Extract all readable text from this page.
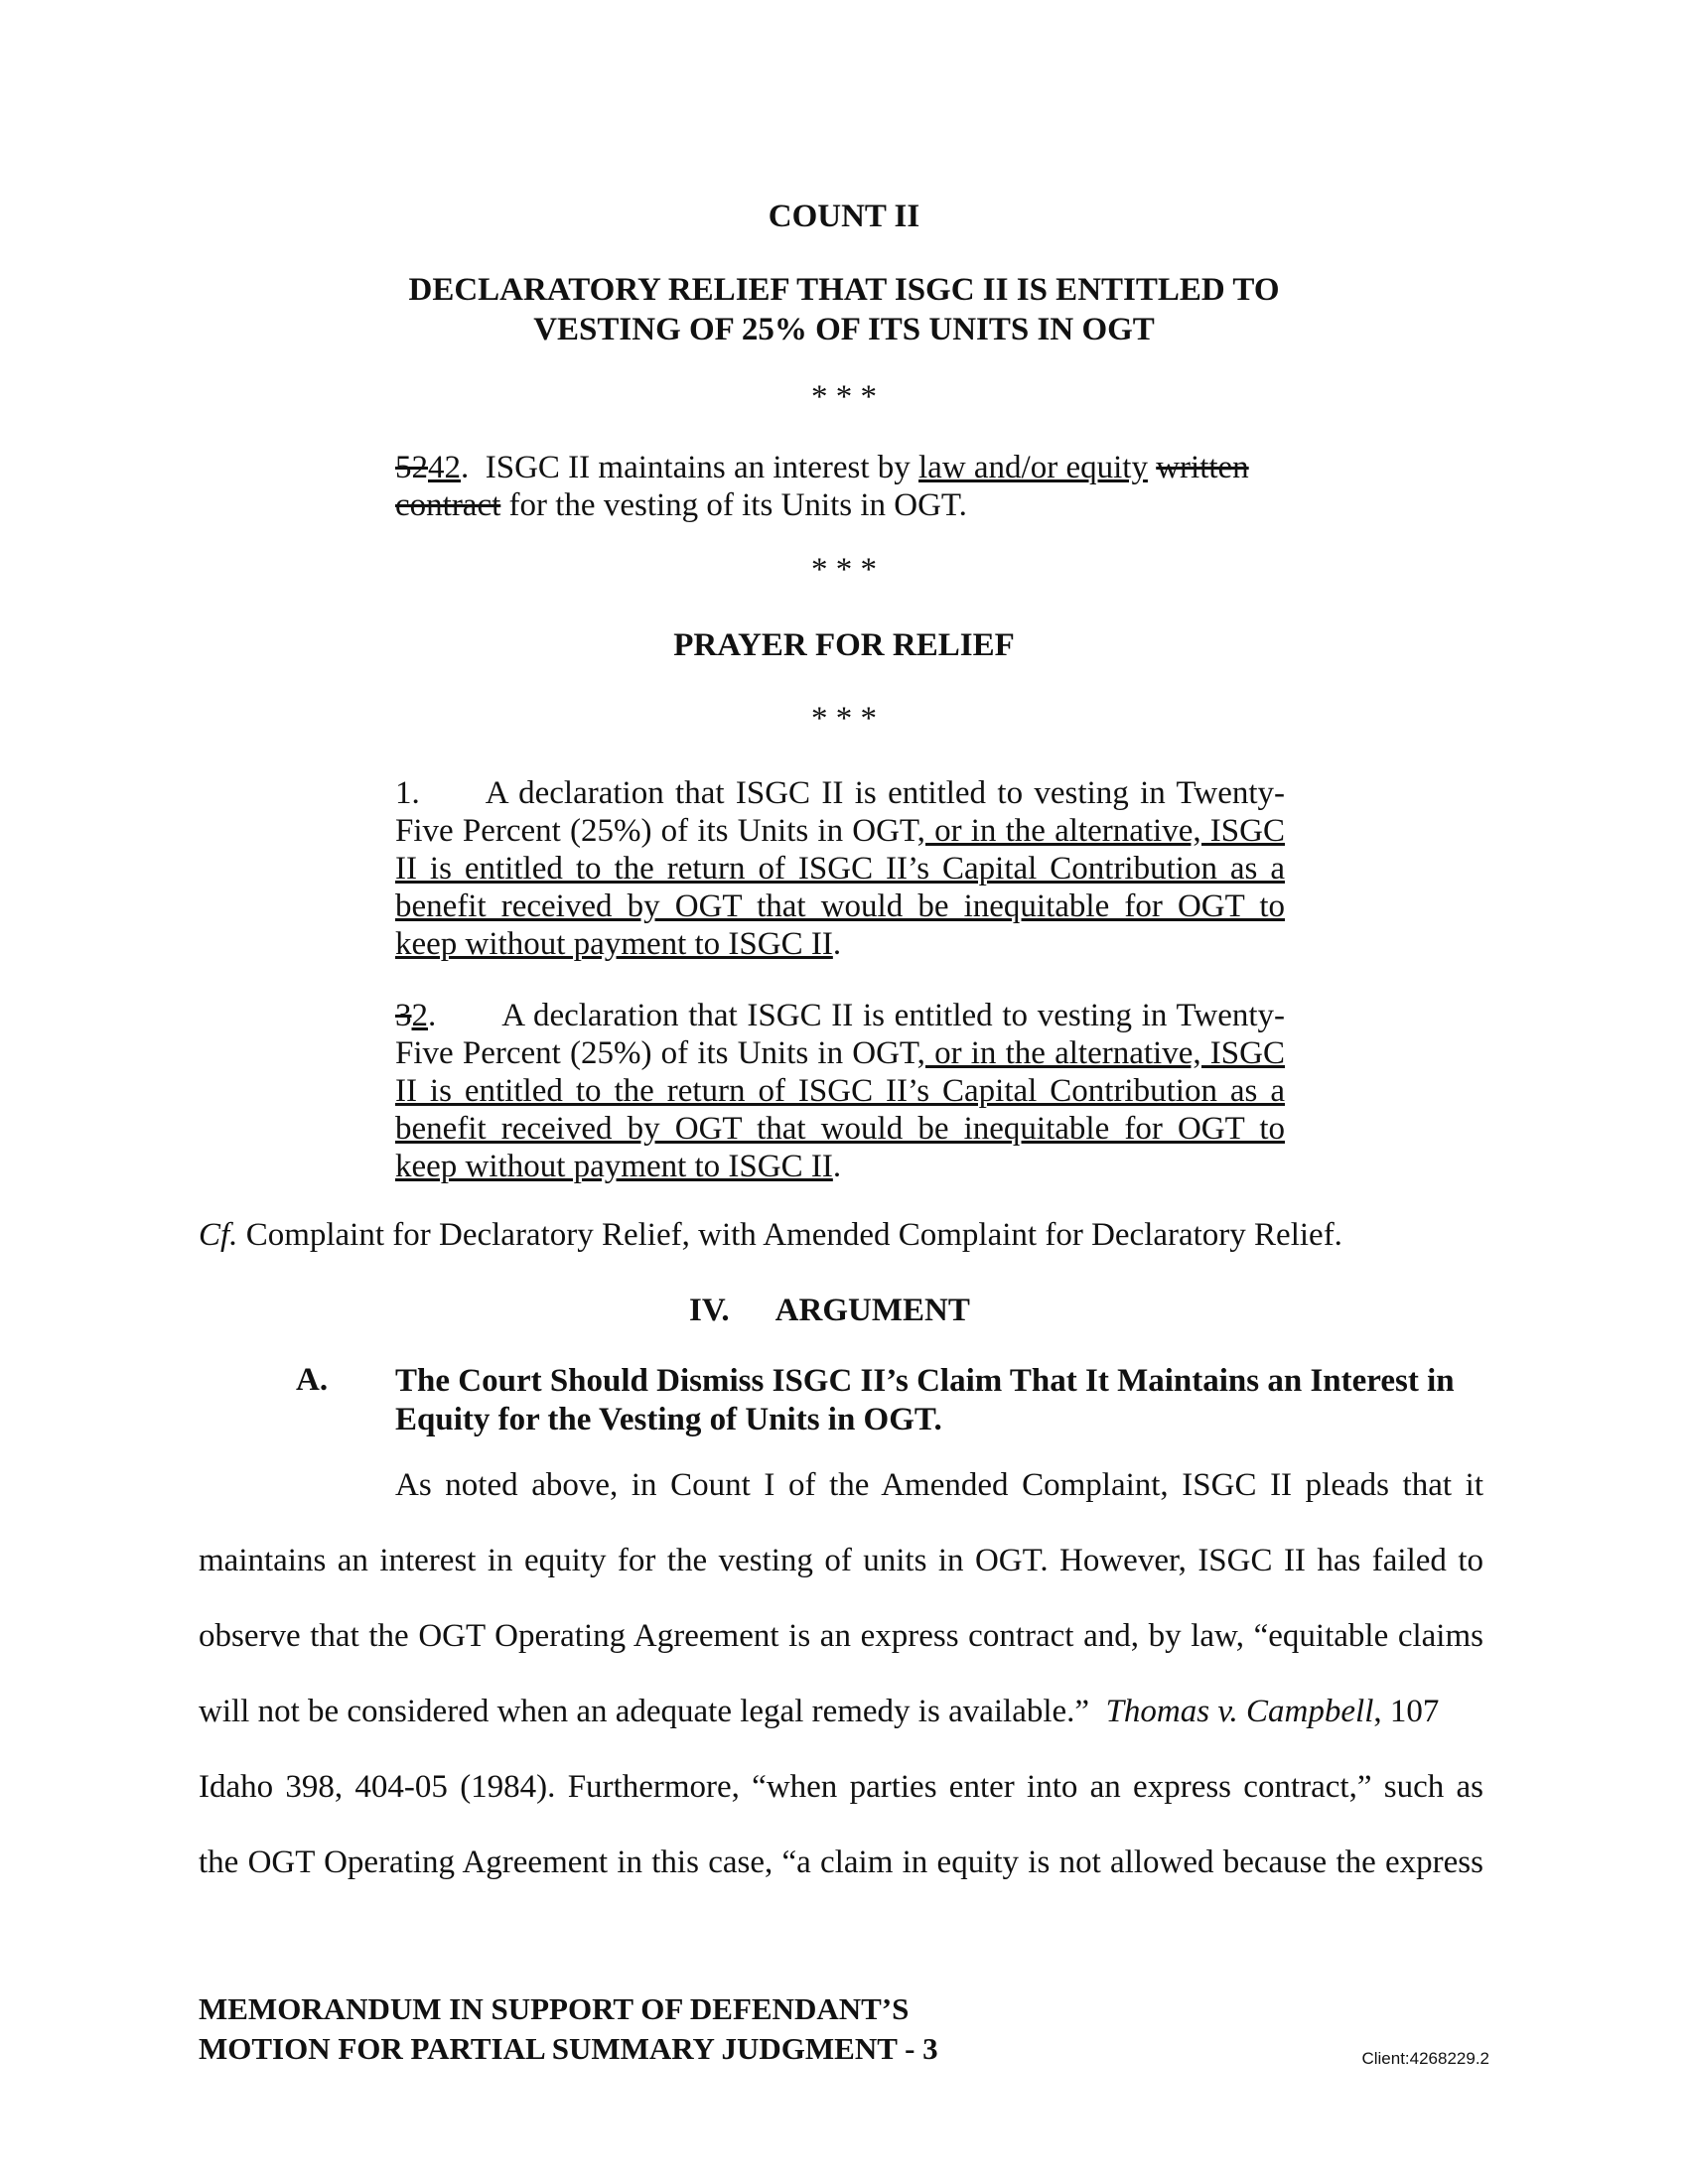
COUNT II
DECLARATORY RELIEF THAT ISGC II IS ENTITLED TO
VESTING OF 25% OF ITS UNITS IN OGT
* * *
5242.  ISGC II maintains an interest by law and/or equity written contract for the vesting of its Units in OGT.
* * *
PRAYER FOR RELIEF
* * *
1. A declaration that ISGC II is entitled to vesting in Twenty-Five Percent (25%) of its Units in OGT, or in the alternative, ISGC II is entitled to the return of ISGC II’s Capital Contribution as a benefit received by OGT that would be inequitable for OGT to keep without payment to ISGC II.
32. A declaration that ISGC II is entitled to vesting in Twenty-Five Percent (25%) of its Units in OGT, or in the alternative, ISGC II is entitled to the return of ISGC II’s Capital Contribution as a benefit received by OGT that would be inequitable for OGT to keep without payment to ISGC II.
Cf. Complaint for Declaratory Relief, with Amended Complaint for Declaratory Relief.
IV. ARGUMENT
A. The Court Should Dismiss ISGC II’s Claim That It Maintains an Interest in Equity for the Vesting of Units in OGT.
As noted above, in Count I of the Amended Complaint, ISGC II pleads that it
maintains an interest in equity for the vesting of units in OGT. However, ISGC II has failed to
observe that the OGT Operating Agreement is an express contract and, by law, “equitable claims
will not be considered when an adequate legal remedy is available.”  Thomas v. Campbell, 107
Idaho 398, 404-05 (1984). Furthermore, “when parties enter into an express contract,” such as
the OGT Operating Agreement in this case, “a claim in equity is not allowed because the express
MEMORANDUM IN SUPPORT OF DEFENDANT’S
MOTION FOR PARTIAL SUMMARY JUDGMENT - 3	Client:4268229.2
